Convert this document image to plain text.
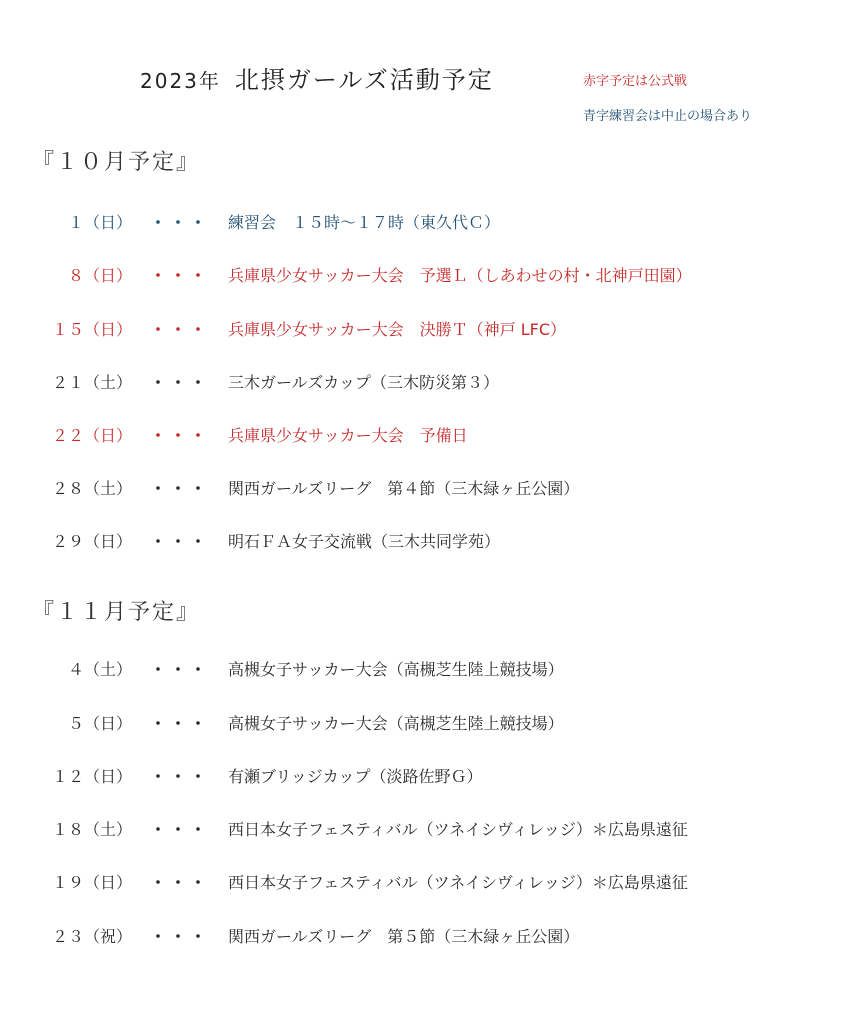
2023年 北摂ガールズ活動予定	赤字予定は公式戦
青字練習会は中止の場合あり
『１０月予定』
１（日） ・・・ 練習会　１５時～１７時（東久代Ｃ）
８（日） ・・・ 兵庫県少女サッカー大会　予選Ｌ（しあわせの村・北神戸田園）
１５（日） ・・・ 兵庫県少女サッカー大会　決勝Ｔ（神戸 LFC）
２１（土） ・・・ 三木ガールズカップ（三木防災第３）
２２（日） ・・・ 兵庫県少女サッカー大会　予備日
２８（土） ・・・ 関西ガールズリーグ　第４節（三木緑ヶ丘公園）
２９（日） ・・・ 明石ＦＡ女子交流戦（三木共同学苑）
『１１月予定』
４（土） ・・・ 高槻女子サッカー大会（高槻芝生陸上競技場）
５（日） ・・・ 高槻女子サッカー大会（高槻芝生陸上競技場）
１２（日） ・・・ 有瀬ブリッジカップ（淡路佐野Ｇ）
１８（土） ・・・ 西日本女子フェスティバル（ツネイシヴィレッジ）＊広島県遠征
１９（日） ・・・ 西日本女子フェスティバル（ツネイシヴィレッジ）＊広島県遠征
２３（祝） ・・・ 関西ガールズリーグ　第５節（三木緑ヶ丘公園）
